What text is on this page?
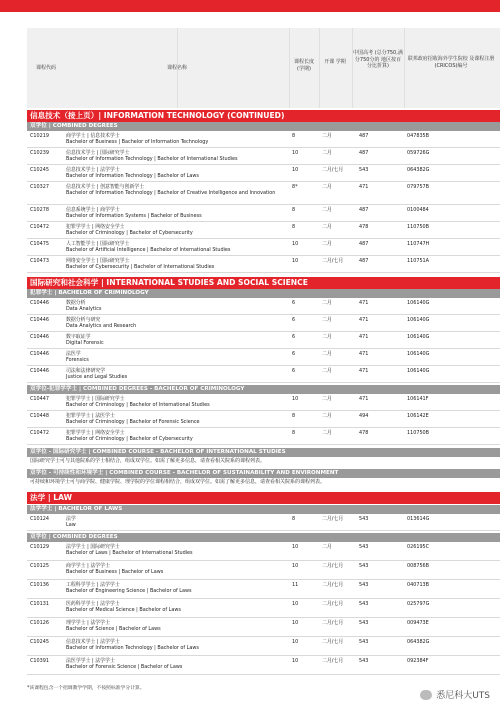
课程代码	课程名称
课程长度 (学期)
开课 学期
中国高考 (总分750,满分750分的 地区按百分比折算)
联邦政府招收海外学生院校 及课程注册(CRICOS)编号
信息技术（接上页）| INFORMATION TECHNOLOGY (CONTINUED)
双学位 | COMBINED DEGREES
C10219	商学学士 | 信息技术学士
Bachelor of Business | Bachelor of Information Technology
8	二月	487	047835B
C10239	信息技术学士 | 国际研究学士
Bachelor of Information Technology | Bachelor of International Studies
10	二月	487	059726G
C10245	信息技术学士 | 法学学士
Bachelor of Information Technology | Bachelor of Laws
10	二月/七月	543	064382G
C10327	信息技术学士 | 创意智能与创新学士
Bachelor of Information Technology | Bachelor of Creative Intelligence and Innovation
8*	二月	471	079757B
C10278	信息系统学士 | 商学学士
Bachelor of Information Systems | Bachelor of Business
8	二月	487	0100484
C10472	犯罪学学士 | 网络安全学士
Bachelor of Criminology | Bachelor of Cybersecurity
8	二月	478	110750B
C10475	人工智能学士 | 国际研究学士
Bachelor of Artificial Intelligence | Bachelor of International Studies
10	二月	487	110747H
C10473	网络安全学士 | 国际研究学士
Bachelor of Cybersecurity | Bachelor of International Studies
10	二月/七月	487	110751A
国际研究和社会科学 | INTERNATIONAL STUDIES AND SOCIAL SCIENCE
犯罪学士 | BACHELOR OF CRIMINOLOGY
C10446	数据分析
Data Analytics
6	二月	471	106140G
C10446	数据分析与研究
Data Analytics and Research
6	二月	471	106140G
C10446	数字取证学
Digital Forensic
6	二月	471	106140G
C10446	法医学
Forensics
6	二月	471	106140G
C10446	司法和法律研究学
Justice and Legal Studies
6	二月	471	106140G
双学位-犯罪学学士 | COMBINED DEGREES - BACHELOR OF CRIMINOLOGY
C10447	犯罪学学士 | 国际研究学士
Bachelor of Criminology | Bachelor of International Studies
10	二月	471	106141F
C10448	犯罪学学士 | 法医学士
Bachelor of Criminology | Bachelor of Forensic Science
8	二月	494	106142E
C10472	犯罪学学士 | 网络安全学士
Bachelor of Criminology | Bachelor of Cybersecurity
8	二月	478	110750B
双学位 - 国际研究学士 | COMBINED COURSE - BACHELOR OF INTERNATIONAL STUDIES
国际研究学士可与其他院系的学士相结合，组成双学位。如需了解更多信息，请查看相关院系的课程列表。
双学位 - 可持续性和环境学士 | COMBINED COURSE - BACHELOR OF SUSTAINABILITY AND ENVIRONMENT
可持续和环境学士可与商学院、健康学院、理学院的学位课程相结合，组成双学位。如需了解更多信息，请查看相关院系的课程列表。
法学 | LAW
法学学士 | BACHELOR OF LAWS
C10124	法学
Law
8	二月/七月	543	013614G
双学位 | COMBINED DEGREES
C10129	法学学士 | 国际研究学士
Bachelor of Laws | Bachelor of International Studies
10	二月	543	026195C
C10125	商学学士 | 法学学士
Bachelor of Business | Bachelor of Laws
10	二月/七月	543	008756B
C10136	工程科学学士 | 法学学士
Bachelor of Engineering Science | Bachelor of Laws
11	二月/七月	543	040713B
C10131	医药科学学士 | 法学学士
Bachelor of Medical Science | Bachelor of Laws
10	二月/七月	543	025797G
C10126	理学学士 | 法学学士
Bachelor of Science | Bachelor of Laws
10	二月/七月	543	009473E
C10245	信息技术学士 | 法学学士
Bachelor of Information Technology | Bachelor of Laws
10	二月/七月	543	064382G
C10391	法医学学士 | 法学学士
Bachelor of Forensic Science | Bachelor of Laws
10	二月/七月	543	092384F
*该课程包含一个招调教学学期，不按照标准学分计算。
悉尼科大UTS
